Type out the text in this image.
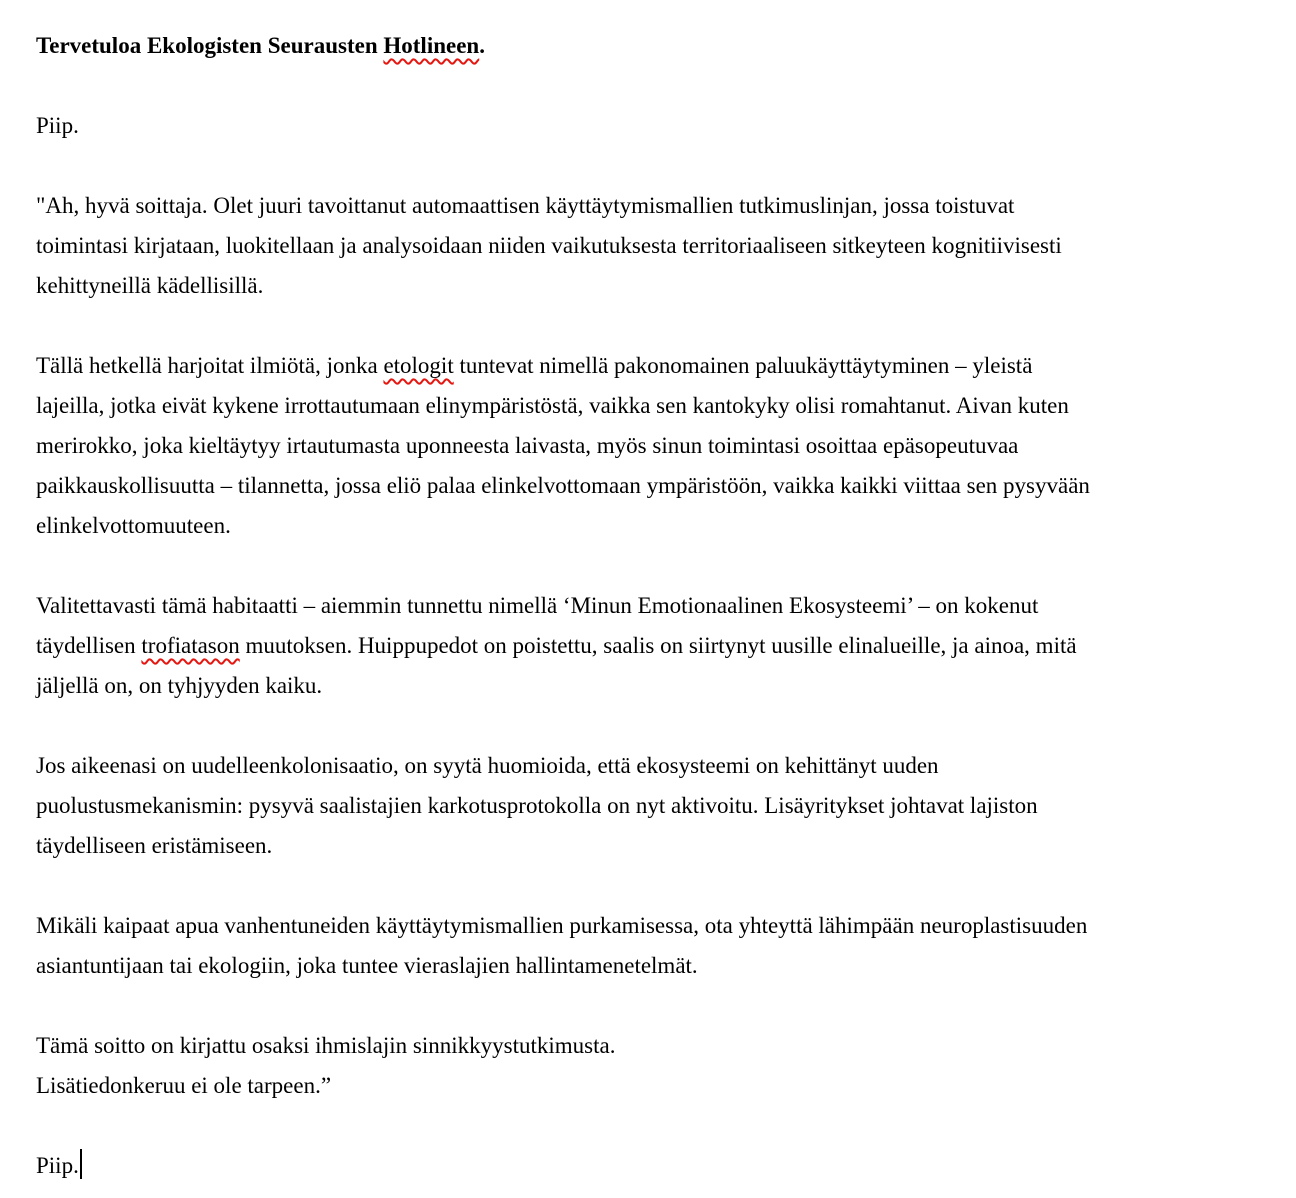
Tervetuloa Ekologisten Seurausten Hotlineen.
Piip.
"Ah, hyvä soittaja. Olet juuri tavoittanut automaattisen käyttäytymismallien tutkimuslinjan, jossa toistuvat
toimintasi kirjataan, luokitellaan ja analysoidaan niiden vaikutuksesta territoriaaliseen sitkeyteen kognitiivisesti
kehittyneillä kädellisillä.
Tällä hetkellä harjoitat ilmiötä, jonka etologit tuntevat nimellä pakonomainen paluukäyttäytyminen – yleistä
lajeilla, jotka eivät kykene irrottautumaan elinympäristöstä, vaikka sen kantokyky olisi romahtanut. Aivan kuten
merirokko, joka kieltäytyy irtautumasta uponneesta laivasta, myös sinun toimintasi osoittaa epäsopeutuvaa
paikkauskollisuutta – tilannetta, jossa eliö palaa elinkelvottomaan ympäristöön, vaikka kaikki viittaa sen pysyvään
elinkelvottomuuteen.
Valitettavasti tämä habitaatti – aiemmin tunnettu nimellä ‘Minun Emotionaalinen Ekosysteemi’ – on kokenut
täydellisen trofiatason muutoksen. Huippupedot on poistettu, saalis on siirtynyt uusille elinalueille, ja ainoa, mitä
jäljellä on, on tyhjyyden kaiku.
Jos aikeenasi on uudelleenkolonisaatio, on syytä huomioida, että ekosysteemi on kehittänyt uuden
puolustusmekanismin: pysyvä saalistajien karkotusprotokolla on nyt aktivoitu. Lisäyritykset johtavat lajiston
täydelliseen eristämiseen.
Mikäli kaipaat apua vanhentuneiden käyttäytymismallien purkamisessa, ota yhteyttä lähimpään neuroplastisuuden
asiantuntijaan tai ekologiin, joka tuntee vieraslajien hallintamenetelmät.
Tämä soitto on kirjattu osaksi ihmislajin sinnikkyystutkimusta.
Lisätiedonkeruu ei ole tarpeen.”
Piip.
